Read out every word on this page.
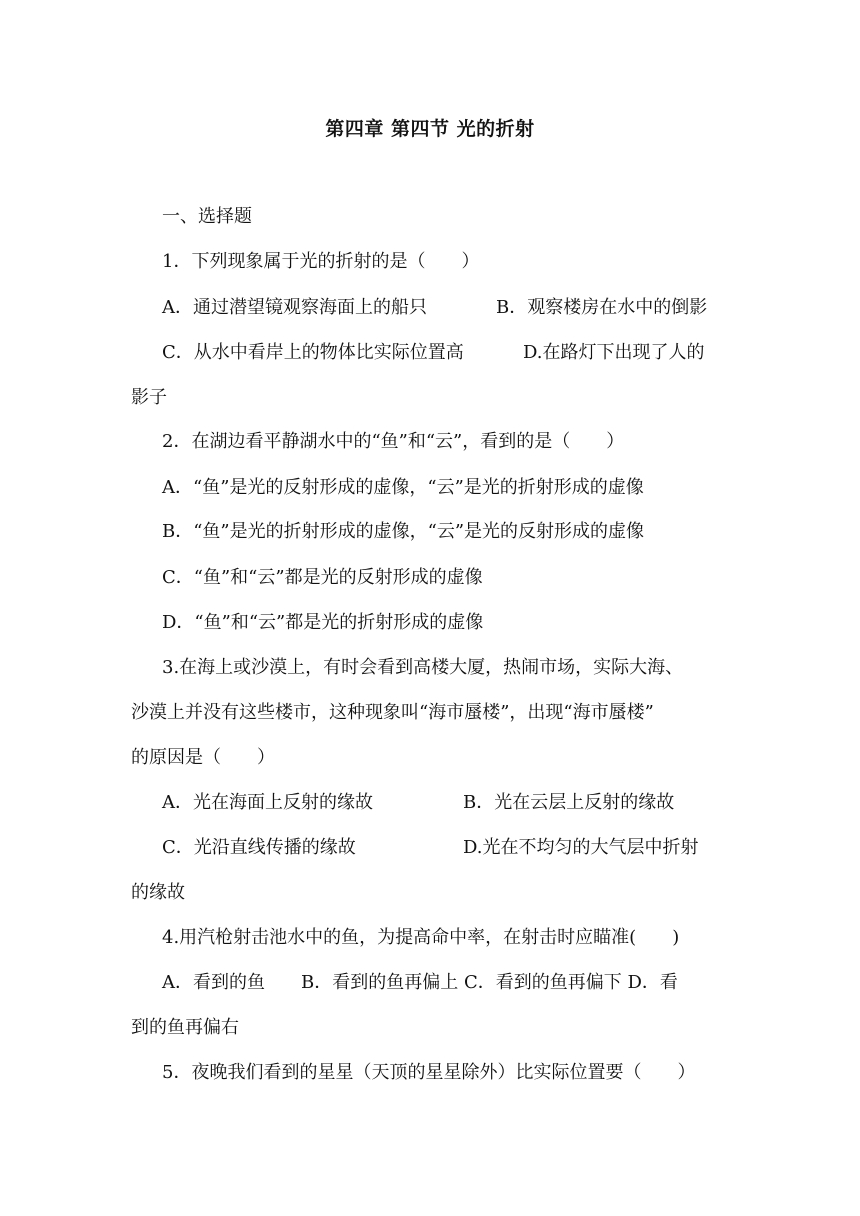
第四章 第四节 光的折射
一、选择题
1．下列现象属于光的折射的是（　　）
A．通过潜望镜观察海面上的船只	B．观察楼房在水中的倒影
C．从水中看岸上的物体比实际位置高	D.在路灯下出现了人的
影子
2．在湖边看平静湖水中的“鱼”和“云”，看到的是（　　）
A．“鱼”是光的反射形成的虚像，“云”是光的折射形成的虚像
B．“鱼”是光的折射形成的虚像，“云”是光的反射形成的虚像
C．“鱼”和“云”都是光的反射形成的虚像
D．“鱼”和“云”都是光的折射形成的虚像
3.在海上或沙漠上，有时会看到高楼大厦，热闹市场，实际大海、
沙漠上并没有这些楼市，这种现象叫“海市蜃楼”，出现“海市蜃楼”
的原因是（　　）
A．光在海面上反射的缘故	B．光在云层上反射的缘故
C．光沿直线传播的缘故	D.光在不均匀的大气层中折射
的缘故
4.用汽枪射击池水中的鱼，为提高命中率，在射击时应瞄准(　　)
A．看到的鱼　　B．看到的鱼再偏上 C．看到的鱼再偏下 D．看
到的鱼再偏右
5．夜晚我们看到的星星（天顶的星星除外）比实际位置要（　　）
